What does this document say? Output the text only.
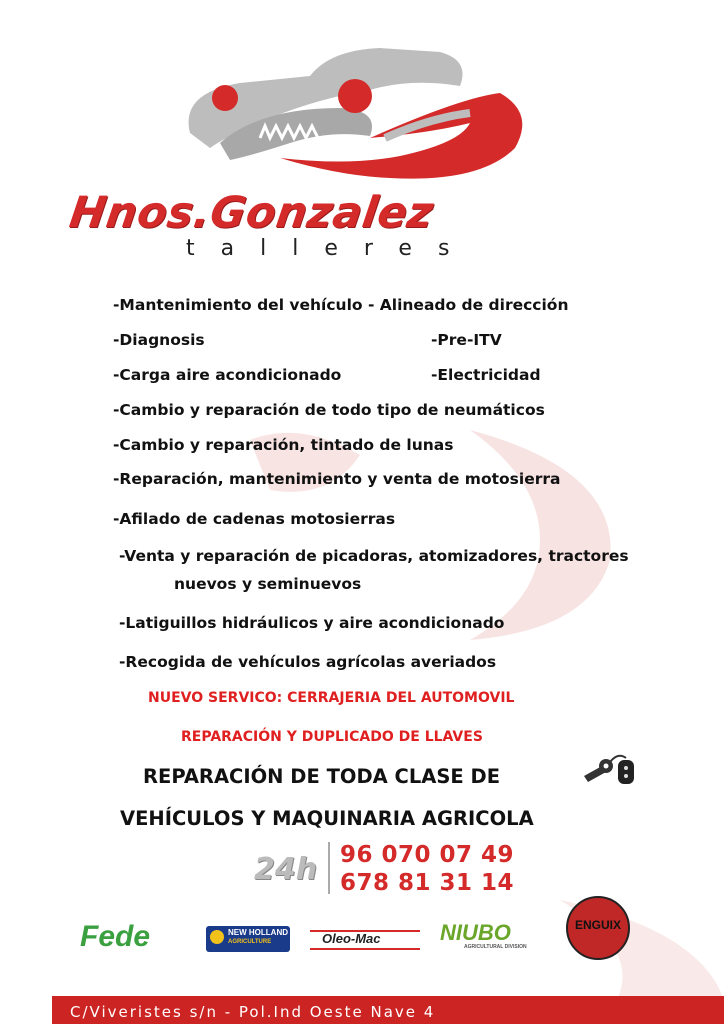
Hnos.Gonzalez
talleres
-Mantenimiento del vehículo - Alineado de dirección
-Diagnosis	-Pre-ITV
-Carga aire acondicionado	-Electricidad
-Cambio y reparación de todo tipo de neumáticos
-Cambio y reparación, tintado de lunas
-Reparación, mantenimiento y venta de motosierra
-Afilado de cadenas motosierras
-Venta y reparación de picadoras, atomizadores, tractores
nuevos y seminuevos
-Latiguillos hidráulicos y aire acondicionado
-Recogida de vehículos agrícolas averiados
NUEVO SERVICO: CERRAJERIA DEL AUTOMOVIL
REPARACIÓN Y DUPLICADO DE LLAVES
REPARACIÓN DE TODA CLASE DE
VEHÍCULOS Y MAQUINARIA AGRICOLA
24h 96 070 07 49
678 81 31 14
Fede	NEW HOLLAND
AGRICULTURE	Oleo-Mac	NIUBO
AGRICULTURAL DIVISION
ENGUIX
C/Viveristes s/n - Pol.Ind Oeste Nave 4
